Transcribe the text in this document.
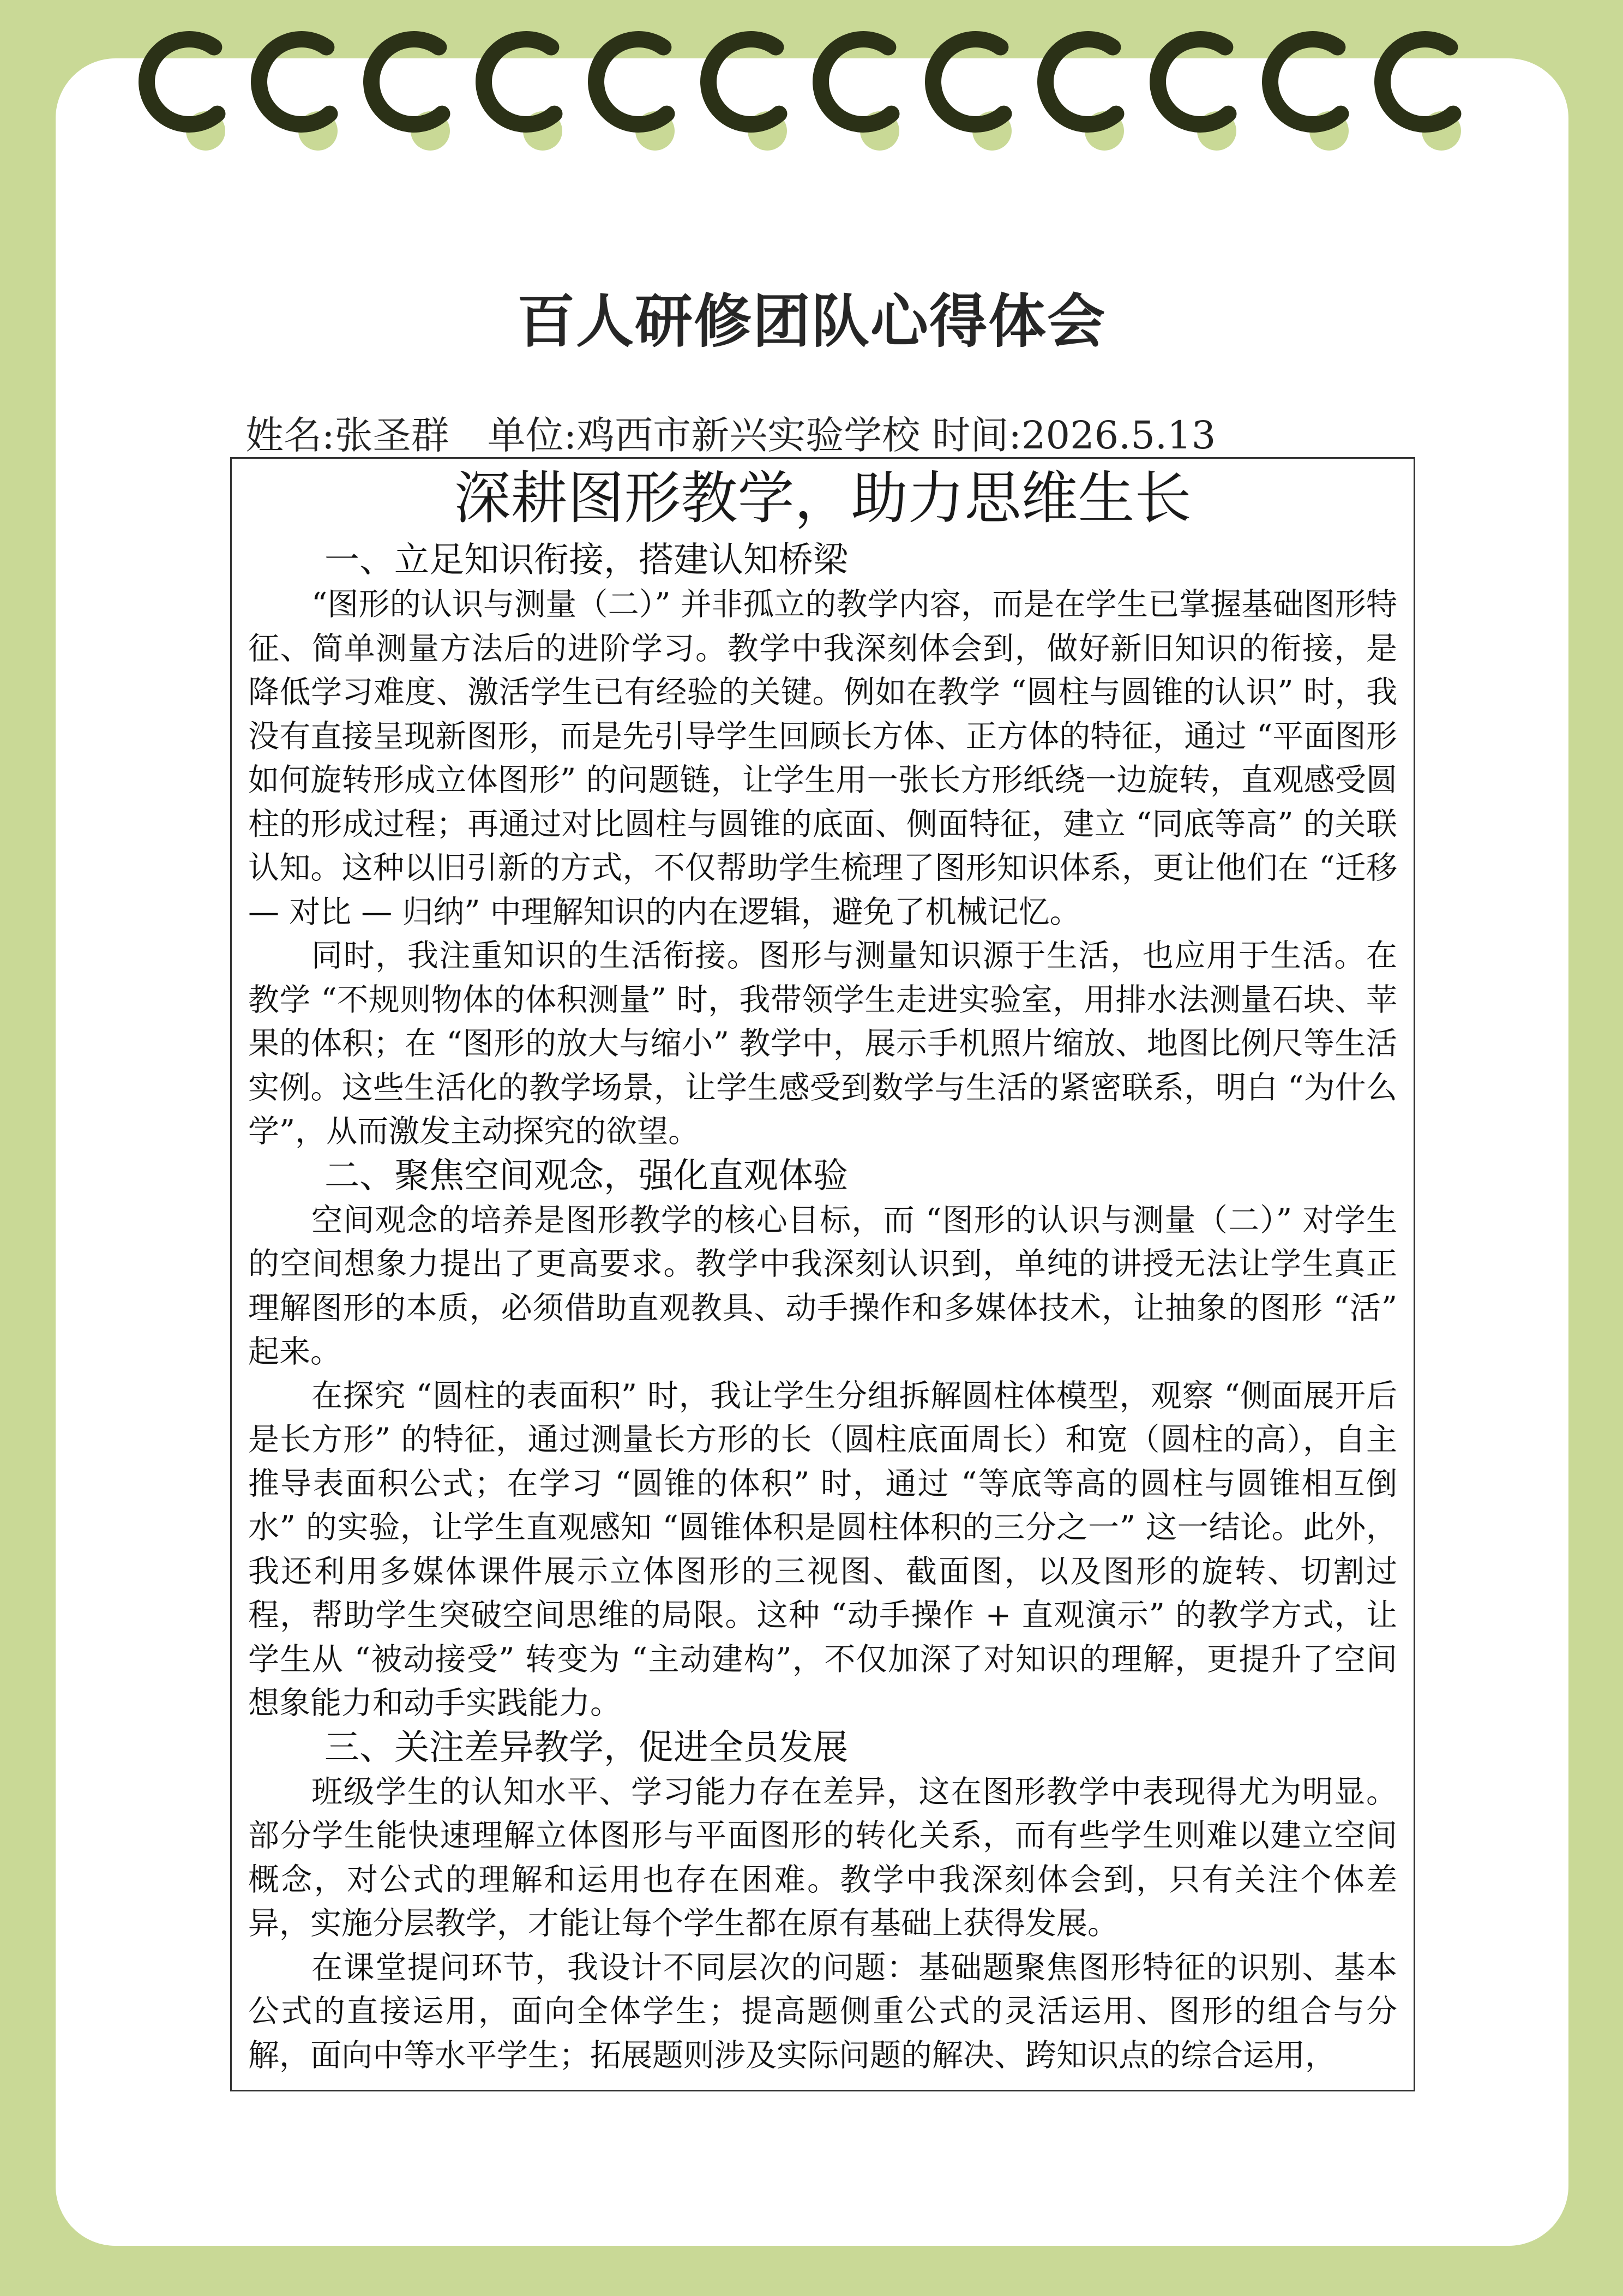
百人研修团队心得体会
姓名:张圣群　单位:鸡西市新兴实验学校 时间:2026.5.13
深耕图形教学，助力思维生长
一、立足知识衔接，搭建认知桥梁

“图形的认识与测量（二）” 并非孤立的教学内容，而是在学生已掌握基础图形特征、简单测量方法后的进阶学习。教学中我深刻体会到，做好新旧知识的衔接，是降低学习难度、激活学生已有经验的关键。例如在教学 “圆柱与圆锥的认识” 时，我没有直接呈现新图形，而是先引导学生回顾长方体、正方体的特征，通过 “平面图形如何旋转形成立体图形” 的问题链，让学生用一张长方形纸绕一边旋转，直观感受圆柱的形成过程；再通过对比圆柱与圆锥的底面、侧面特征，建立 “同底等高” 的关联认知。这种以旧引新的方式，不仅帮助学生梳理了图形知识体系，更让他们在 “迁移 — 对比 — 归纳” 中理解知识的内在逻辑，避免了机械记忆。

同时，我注重知识的生活衔接。图形与测量知识源于生活，也应用于生活。在教学 “不规则物体的体积测量” 时，我带领学生走进实验室，用排水法测量石块、苹果的体积；在 “图形的放大与缩小” 教学中，展示手机照片缩放、地图比例尺等生活实例。这些生活化的教学场景，让学生感受到数学与生活的紧密联系，明白 “为什么学”，从而激发主动探究的欲望。

二、聚焦空间观念，强化直观体验

空间观念的培养是图形教学的核心目标，而 “图形的认识与测量（二）” 对学生的空间想象力提出了更高要求。教学中我深刻认识到，单纯的讲授无法让学生真正理解图形的本质，必须借助直观教具、动手操作和多媒体技术，让抽象的图形 “活” 起来。

在探究 “圆柱的表面积” 时，我让学生分组拆解圆柱体模型，观察 “侧面展开后是长方形” 的特征，通过测量长方形的长（圆柱底面周长）和宽（圆柱的高），自主推导表面积公式；在学习 “圆锥的体积” 时，通过 “等底等高的圆柱与圆锥相互倒水” 的实验，让学生直观感知 “圆锥体积是圆柱体积的三分之一” 这一结论。此外，我还利用多媒体课件展示立体图形的三视图、截面图，以及图形的旋转、切割过程，帮助学生突破空间思维的局限。这种 “动手操作 + 直观演示” 的教学方式，让学生从 “被动接受” 转变为 “主动建构”，不仅加深了对知识的理解，更提升了空间想象能力和动手实践能力。

三、关注差异教学，促进全员发展

班级学生的认知水平、学习能力存在差异，这在图形教学中表现得尤为明显。部分学生能快速理解立体图形与平面图形的转化关系，而有些学生则难以建立空间概念，对公式的理解和运用也存在困难。教学中我深刻体会到，只有关注个体差异，实施分层教学，才能让每个学生都在原有基础上获得发展。

在课堂提问环节，我设计不同层次的问题：基础题聚焦图形特征的识别、基本公式的直接运用，面向全体学生；提高题侧重公式的灵活运用、图形的组合与分解，面向中等水平学生；拓展题则涉及实际问题的解决、跨知识点的综合运用，
